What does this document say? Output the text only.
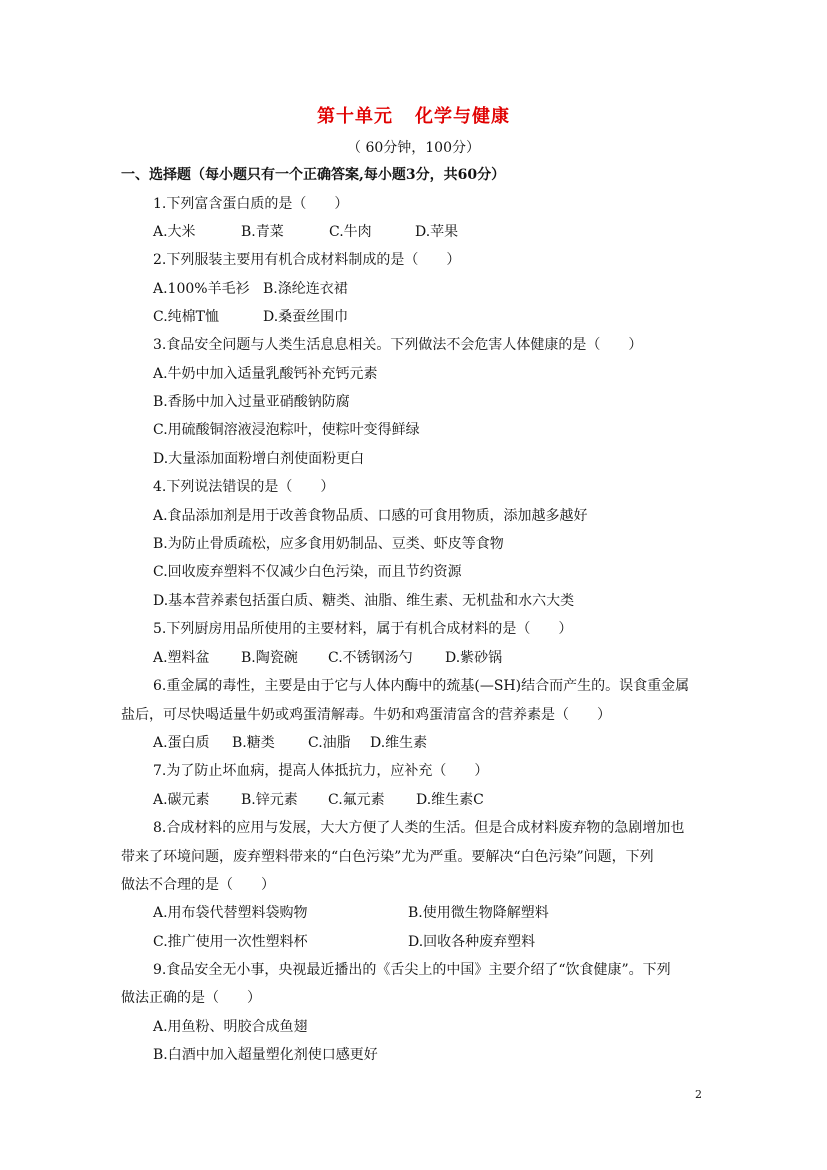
第十单元 化学与健康
（ 60分钟，100分）
一、选择题（每小题只有一个正确答案,每小题3分，共60分）
1.下列富含蛋白质的是（　　）
A.大米	B.青菜	C.牛肉	D.苹果
2.下列服装主要用有机合成材料制成的是（　　）
A.100%羊毛衫 B.涤纶连衣裙
C.纯棉T恤	D.桑蚕丝围巾
3.食品安全问题与人类生活息息相关。下列做法不会危害人体健康的是（　　）
A.牛奶中加入适量乳酸钙补充钙元素
B.香肠中加入过量亚硝酸钠防腐
C.用硫酸铜溶液浸泡粽叶，使粽叶变得鲜绿
D.大量添加面粉增白剂使面粉更白
4.下列说法错误的是（　　）
A.食品添加剂是用于改善食物品质、口感的可食用物质，添加越多越好
B.为防止骨质疏松，应多食用奶制品、豆类、虾皮等食物
C.回收废弃塑料不仅减少白色污染，而且节约资源
D.基本营养素包括蛋白质、糖类、油脂、维生素、无机盐和水六大类
5.下列厨房用品所使用的主要材料，属于有机合成材料的是（　　）
A.塑料盆 B.陶瓷碗 C.不锈钢汤勺 D.紫砂锅
6.重金属的毒性，主要是由于它与人体内酶中的巯基(—SH)结合而产生的。误食重金属
盐后，可尽快喝适量牛奶或鸡蛋清解毒。牛奶和鸡蛋清富含的营养素是（　　）
A.蛋白质 B.糖类 C.油脂 D.维生素
7.为了防止坏血病，提高人体抵抗力，应补充（　　）
A.碳元素 B.锌元素 C.氟元素 D.维生素C
8.合成材料的应用与发展，大大方便了人类的生活。但是合成材料废弃物的急剧增加也
带来了环境问题，废弃塑料带来的“白色污染”尤为严重。要解决“白色污染”问题，下列
做法不合理的是（　　）
A.用布袋代替塑料袋购物	B.使用微生物降解塑料
C.推广使用一次性塑料杯	D.回收各种废弃塑料
9.食品安全无小事，央视最近播出的《舌尖上的中国》主要介绍了“饮食健康”。下列
做法正确的是（　　）
A.用鱼粉、明胶合成鱼翅
B.白酒中加入超量塑化剂使口感更好
2
